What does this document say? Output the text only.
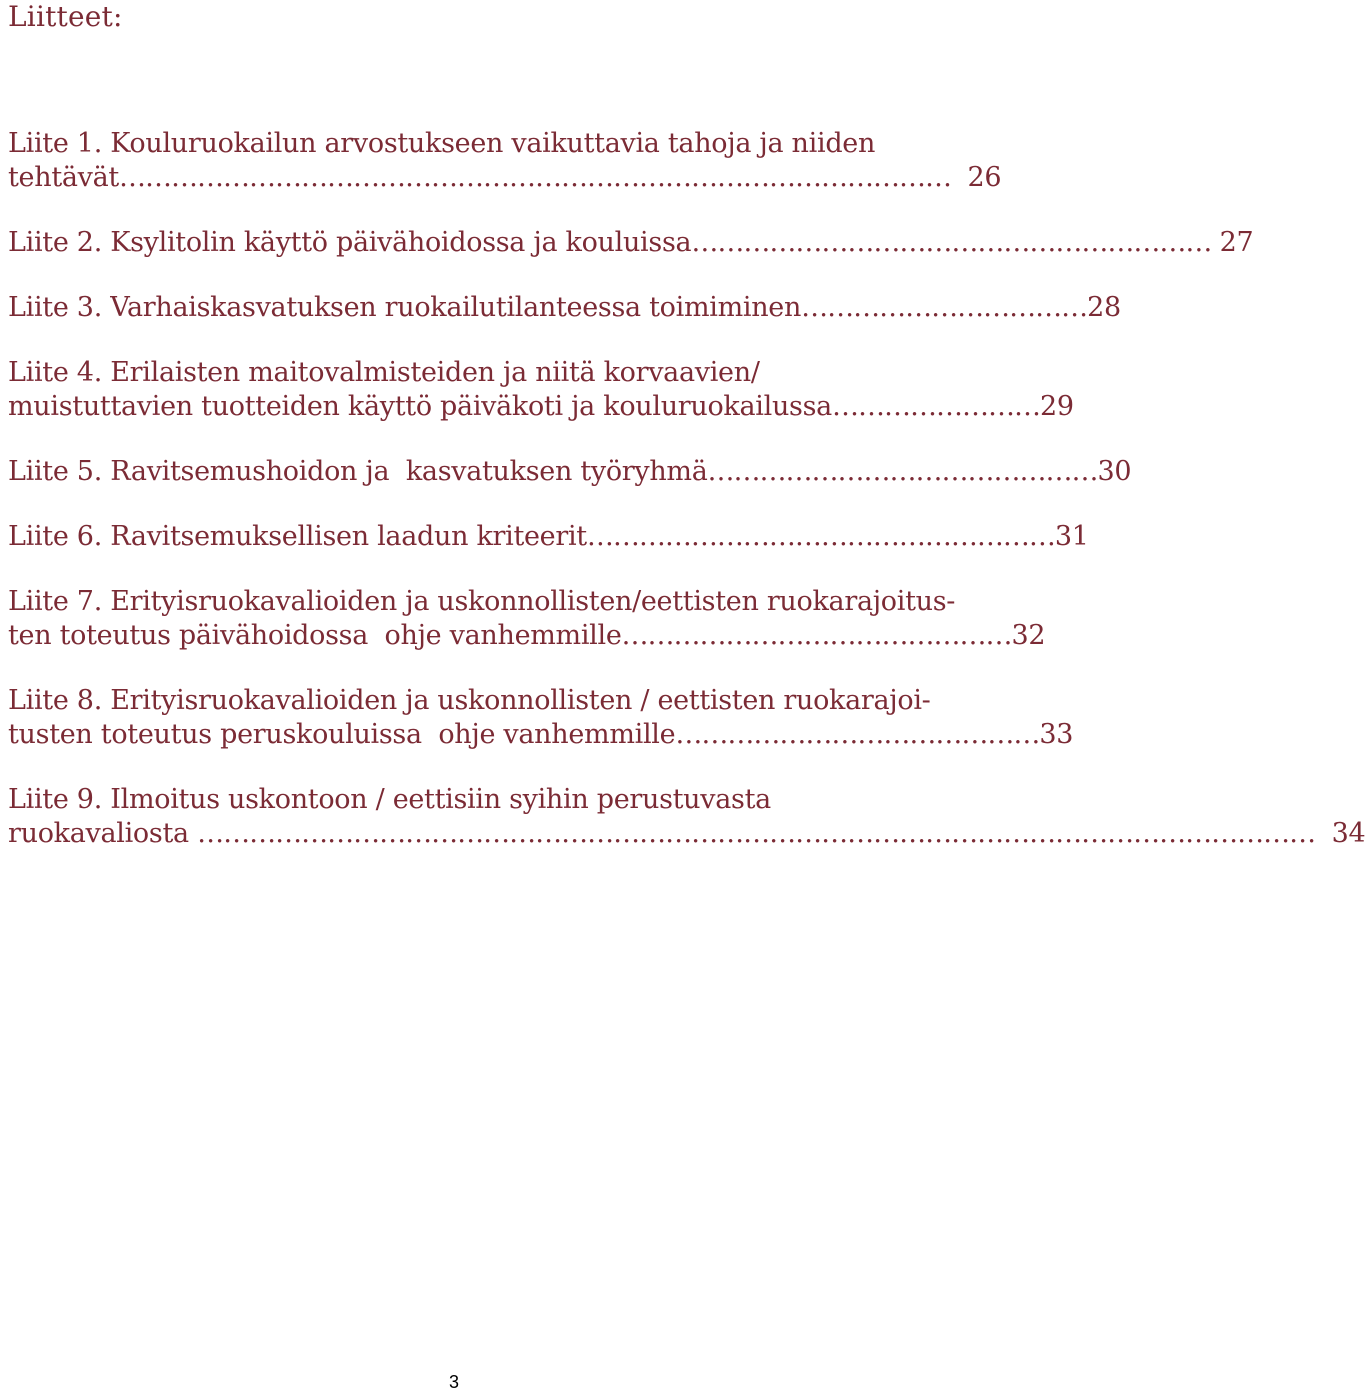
Liitteet:
Liite 1. Kouluruokailun arvostukseen vaikuttavia tahoja ja niiden
tehtävät …………………………………………………………………………………… 26
Liite 2. Ksylitolin käyttö päivähoidossa ja kouluissa …………………………………………………… 27
Liite 3. Varhaiskasvatuksen ruokailutilanteessa toimiminen …………………………… 28
Liite 4. Erilaisten maitovalmisteiden ja niitä korvaavien/
muistuttavien tuotteiden käyttö päiväkoti ja kouluruokailussa …………………… 29
Liite 5. Ravitsemushoidon ja  kasvatuksen työryhmä ……………………………………… 30
Liite 6. Ravitsemuksellisen laadun kriteerit ……………………………………………… 31
Liite 7. Erityisruokavalioiden ja uskonnollisten/eettisten ruokarajoitus-
ten toteutus päivähoidossa  ohje vanhemmille ……………………………………… 32
Liite 8. Erityisruokavalioiden ja uskonnollisten / eettisten ruokarajoi-
tusten toteutus peruskouluissa  ohje vanhemmille …………………………………… 33
Liite 9. Ilmoitus uskontoon / eettisiin syihin perustuvasta
ruokavaliosta ………………………………………………………………………………………………………………… 34
3
